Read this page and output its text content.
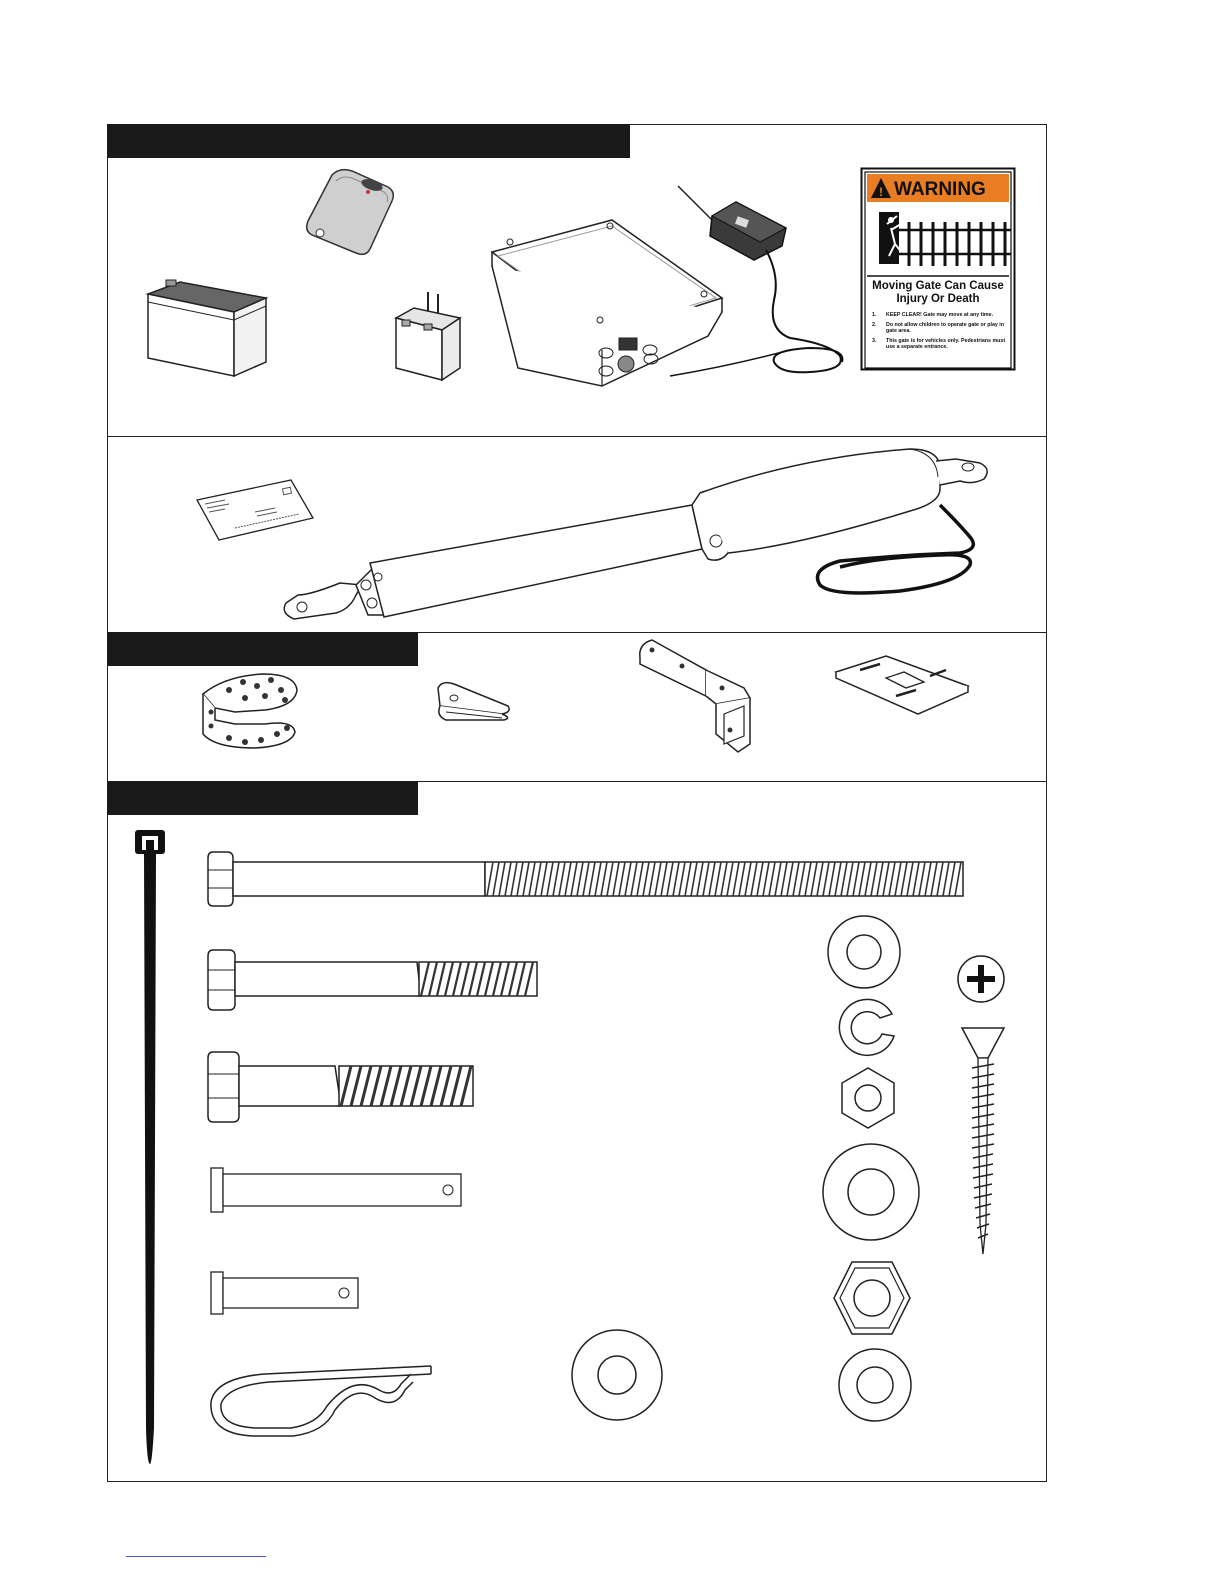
! WARNING
Moving Gate Can Cause Injury Or Death
1.	KEEP CLEAR! Gate may move at any time.
2.	Do not allow children to operate gate or play in gate area.
3.	This gate is for vehicles only. Pedestrians must use a separate entrance.
